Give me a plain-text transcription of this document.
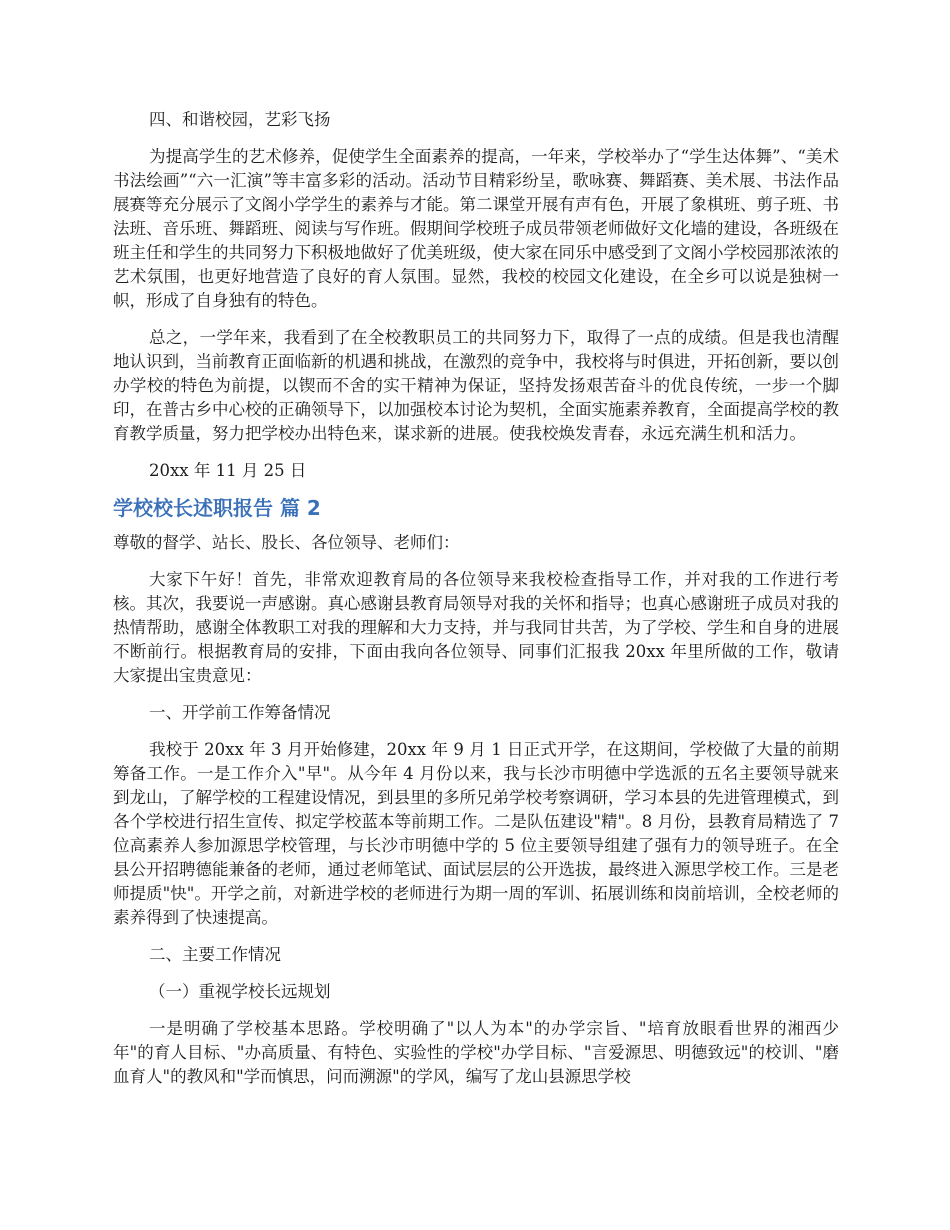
四、和谐校园，艺彩飞扬

为提高学生的艺术修养，促使学生全面素养的提高，一年来，学校举办了“学生达体舞”、“美术书法绘画”“六一汇演”等丰富多彩的活动。活动节目精彩纷呈，歌咏赛、舞蹈赛、美术展、书法作品展赛等充分展示了文阁小学学生的素养与才能。第二课堂开展有声有色，开展了象棋班、剪子班、书法班、音乐班、舞蹈班、阅读与写作班。假期间学校班子成员带领老师做好文化墙的建设，各班级在班主任和学生的共同努力下积极地做好了优美班级，使大家在同乐中感受到了文阁小学校园那浓浓的艺术氛围，也更好地营造了良好的育人氛围。显然，我校的校园文化建设，在全乡可以说是独树一帜，形成了自身独有的特色。

总之，一学年来，我看到了在全校教职员工的共同努力下，取得了一点的成绩。但是我也清醒地认识到，当前教育正面临新的机遇和挑战，在激烈的竞争中，我校将与时俱进，开拓创新，要以创办学校的特色为前提，以锲而不舍的实干精神为保证，坚持发扬艰苦奋斗的优良传统，一步一个脚印，在普古乡中心校的正确领导下，以加强校本讨论为契机，全面实施素养教育，全面提高学校的教育教学质量，努力把学校办出特色来，谋求新的进展。使我校焕发青春，永远充满生机和活力。

20xx 年 11 月 25 日

学校校长述职报告 篇 2

尊敬的督学、站长、股长、各位领导、老师们：

大家下午好！首先，非常欢迎教育局的各位领导来我校检查指导工作，并对我的工作进行考核。其次，我要说一声感谢。真心感谢县教育局领导对我的关怀和指导；也真心感谢班子成员对我的热情帮助，感谢全体教职工对我的理解和大力支持，并与我同甘共苦，为了学校、学生和自身的进展不断前行。根据教育局的安排，下面由我向各位领导、同事们汇报我 20xx 年里所做的工作，敬请大家提出宝贵意见：

一、开学前工作筹备情况

我校于 20xx 年 3 月开始修建，20xx 年 9 月 1 日正式开学，在这期间，学校做了大量的前期筹备工作。一是工作介入"早"。从今年 4 月份以来，我与长沙市明德中学选派的五名主要领导就来到龙山，了解学校的工程建设情况，到县里的多所兄弟学校考察调研，学习本县的先进管理模式，到各个学校进行招生宣传、拟定学校蓝本等前期工作。二是队伍建设"精"。8 月份，县教育局精选了 7 位高素养人参加源思学校管理，与长沙市明德中学的 5 位主要领导组建了强有力的领导班子。在全县公开招聘德能兼备的老师，通过老师笔试、面试层层的公开选拔，最终进入源思学校工作。三是老师提质"快"。开学之前，对新进学校的老师进行为期一周的军训、拓展训练和岗前培训，全校老师的素养得到了快速提高。

二、主要工作情况

（一）重视学校长远规划

一是明确了学校基本思路。学校明确了"以人为本"的办学宗旨、"培育放眼看世界的湘西少年"的育人目标、"办高质量、有特色、实验性的学校"办学目标、"言爱源思、明德致远"的校训、"磨血育人"的教风和"学而慎思，问而溯源"的学风，编写了龙山县源思学校
